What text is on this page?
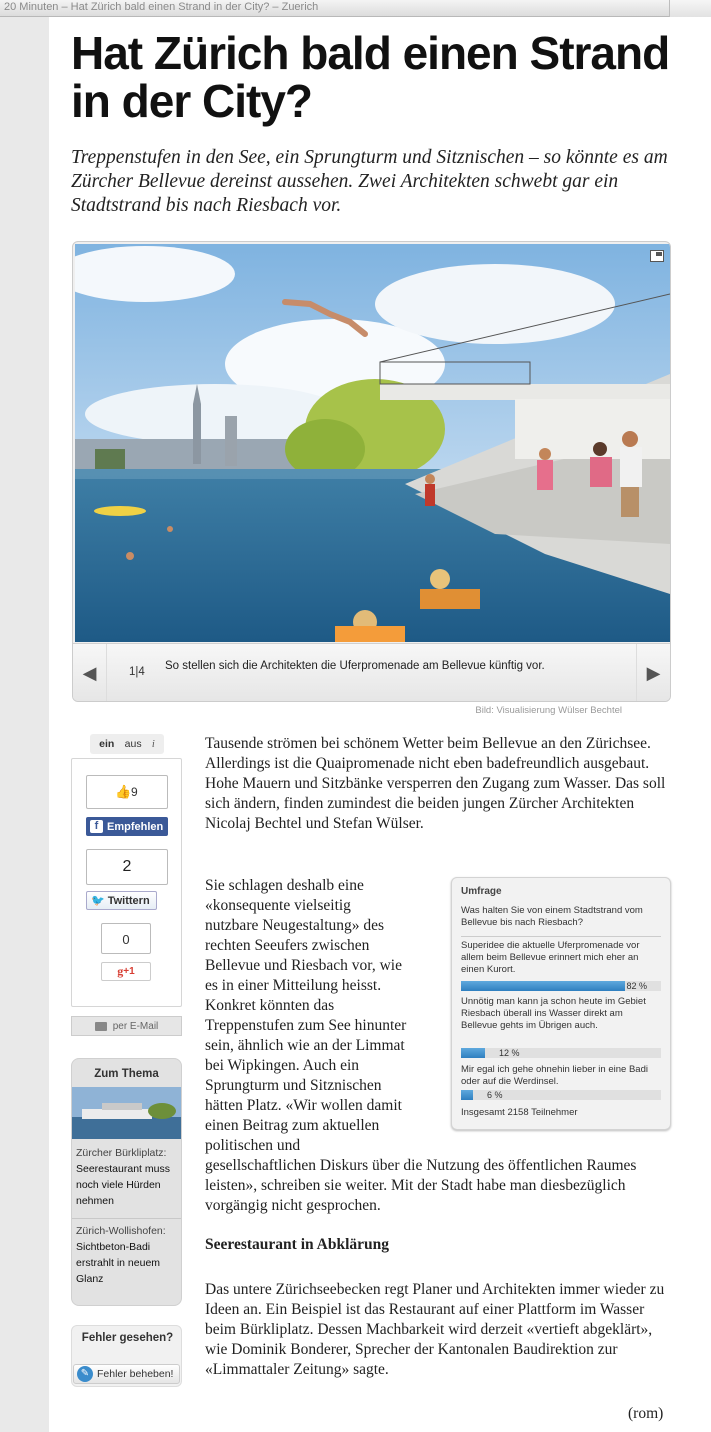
20 Minuten – Hat Zürich bald einen Strand in der City? – Zuerich
Hat Zürich bald einen Strand in der City?

Treppenstufen in den See, ein Sprungturm und Sitznischen – so könnte es am Zürcher Bellevue dereinst aussehen. Zwei Architekten schwebt gar ein Stadtstrand bis nach Riesbach vor.

◀	1|4 So stellen sich die Architekten die Uferpromenade am Bellevue künftig vor.	▶
Bild: Visualisierung Wülser Bechtel
ein aus i
👍 9
f Empfehlen
2
🐦 Twittern
0
g +1
per E-Mail
Zum Thema
Zürcher Bürkliplatz:
Seerestaurant muss
noch viele Hürden
nehmen
Zürich-Wollishofen:
Sichtbeton-Badi
erstrahlt in neuem
Glanz
Fehler gesehen?
✎ Fehler beheben!

Tausende strömen bei schönem Wetter beim Bellevue an den Zürichsee. Allerdings ist die Quaipromenade nicht eben badefreundlich ausgebaut. Hohe Mauern und Sitzbänke versperren den Zugang zum Wasser. Das soll sich ändern, finden zumindest die beiden jungen Zürcher Architekten Nicolaj Bechtel und Stefan Wülser.

Sie schlagen deshalb eine
«konsequente vielseitig
nutzbare Neugestaltung» des
rechten Seeufers zwischen
Bellevue und Riesbach vor, wie
es in einer Mitteilung heisst.
Konkret könnten das
Treppenstufen zum See hinunter
sein, ähnlich wie an der Limmat
bei Wipkingen. Auch ein
Sprungturm und Sitznischen
hätten Platz. «Wir wollen damit
einen Beitrag zum aktuellen
politischen und

gesellschaftlichen Diskurs über die Nutzung des öffentlichen Raumes leisten», schreiben sie weiter. Mit der Stadt habe man diesbezüglich vorgängig nicht gesprochen.

Seerestaurant in Abklärung

Das untere Zürichseebecken regt Planer und Architekten immer wieder zu Ideen an. Ein Beispiel ist das Restaurant auf einer Plattform im Wasser beim Bürkliplatz. Dessen Machbarkeit wird derzeit «vertieft abgeklärt», wie Dominik Bonderer, Sprecher der Kantonalen Baudirektion zur «Limmattaler Zeitung» sagte.

(rom)
Umfrage
Was halten Sie von einem Stadtstrand vom Bellevue bis nach Riesbach?
Superidee die aktuelle Uferpromenade vor allem beim Bellevue erinnert mich eher an einen Kurort.
82 %
Unnötig man kann ja schon heute im Gebiet Riesbach überall ins Wasser direkt am Bellevue gehts im Übrigen auch.
12 %
Mir egal ich gehe ohnehin lieber in eine Badi oder auf die Werdinsel.
6 %
Insgesamt 2158 Teilnehmer
